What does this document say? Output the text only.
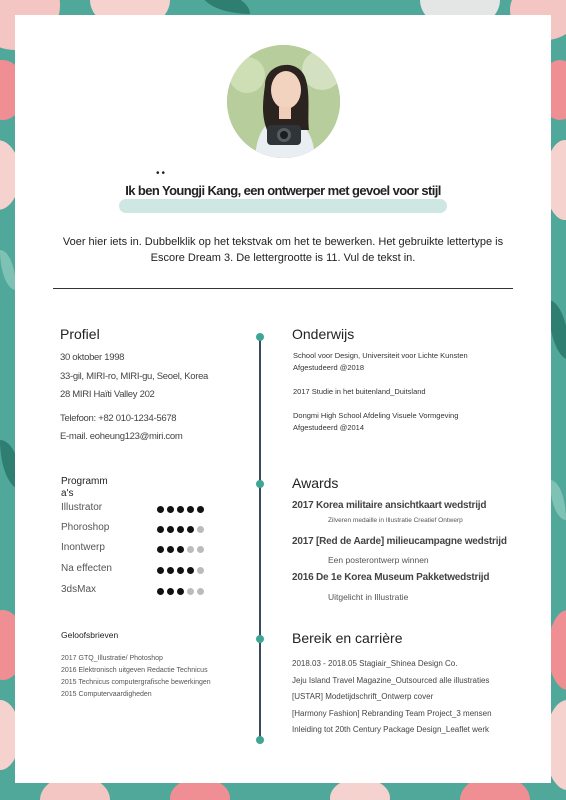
••
Ik ben Youngji Kang, een ontwerper met gevoel voor stijl
Voer hier iets in. Dubbelklik op het tekstvak om het te bewerken. Het gebruikte lettertype is Escore Dream 3. De lettergrootte is 11. Vul de tekst in.
Profiel
30 oktober 1998
33-gil, MIRI-ro, MIRI-gu, Seoel, Korea
28 MIRI Haïti Valley 202
Telefoon: +82 010-1234-5678
E-mail. eoheung123@miri.com
Programm a's
Illustrator
Phoroshop
Inontwerp
Na effecten
3dsMax
Geloofsbrieven
2017 GTQ_Illustratie/ Photoshop
2016 Elektronisch uitgeven Redactie Technicus
2015 Technicus computergrafische bewerkingen
2015 Computervaardigheden
Onderwijs
School voor Design, Universiteit voor Lichte Kunsten
Afgestudeerd @2018
2017 Studie in het buitenland_Duitsland
Dongmi High School Afdeling Visuele Vormgeving
Afgestudeerd @2014
Awards
2017 Korea militaire ansichtkaart wedstrijd
Zilveren medaille in Illustratie Creatief Ontwerp
2017 [Red de Aarde] milieucampagne wedstrijd
Een posterontwerp winnen
2016 De 1e Korea Museum Pakketwedstrijd
Uitgelicht in Illustratie
Bereik en carrière
2018.03 - 2018.05 Stagiair_Shinea Design Co.
Jeju Island Travel Magazine_Outsourced alle illustraties
[USTAR] Modetijdschrift_Ontwerp cover
[Harmony Fashion] Rebranding Team Project_3 mensen
Inleiding tot 20th Century Package Design_Leaflet werk
